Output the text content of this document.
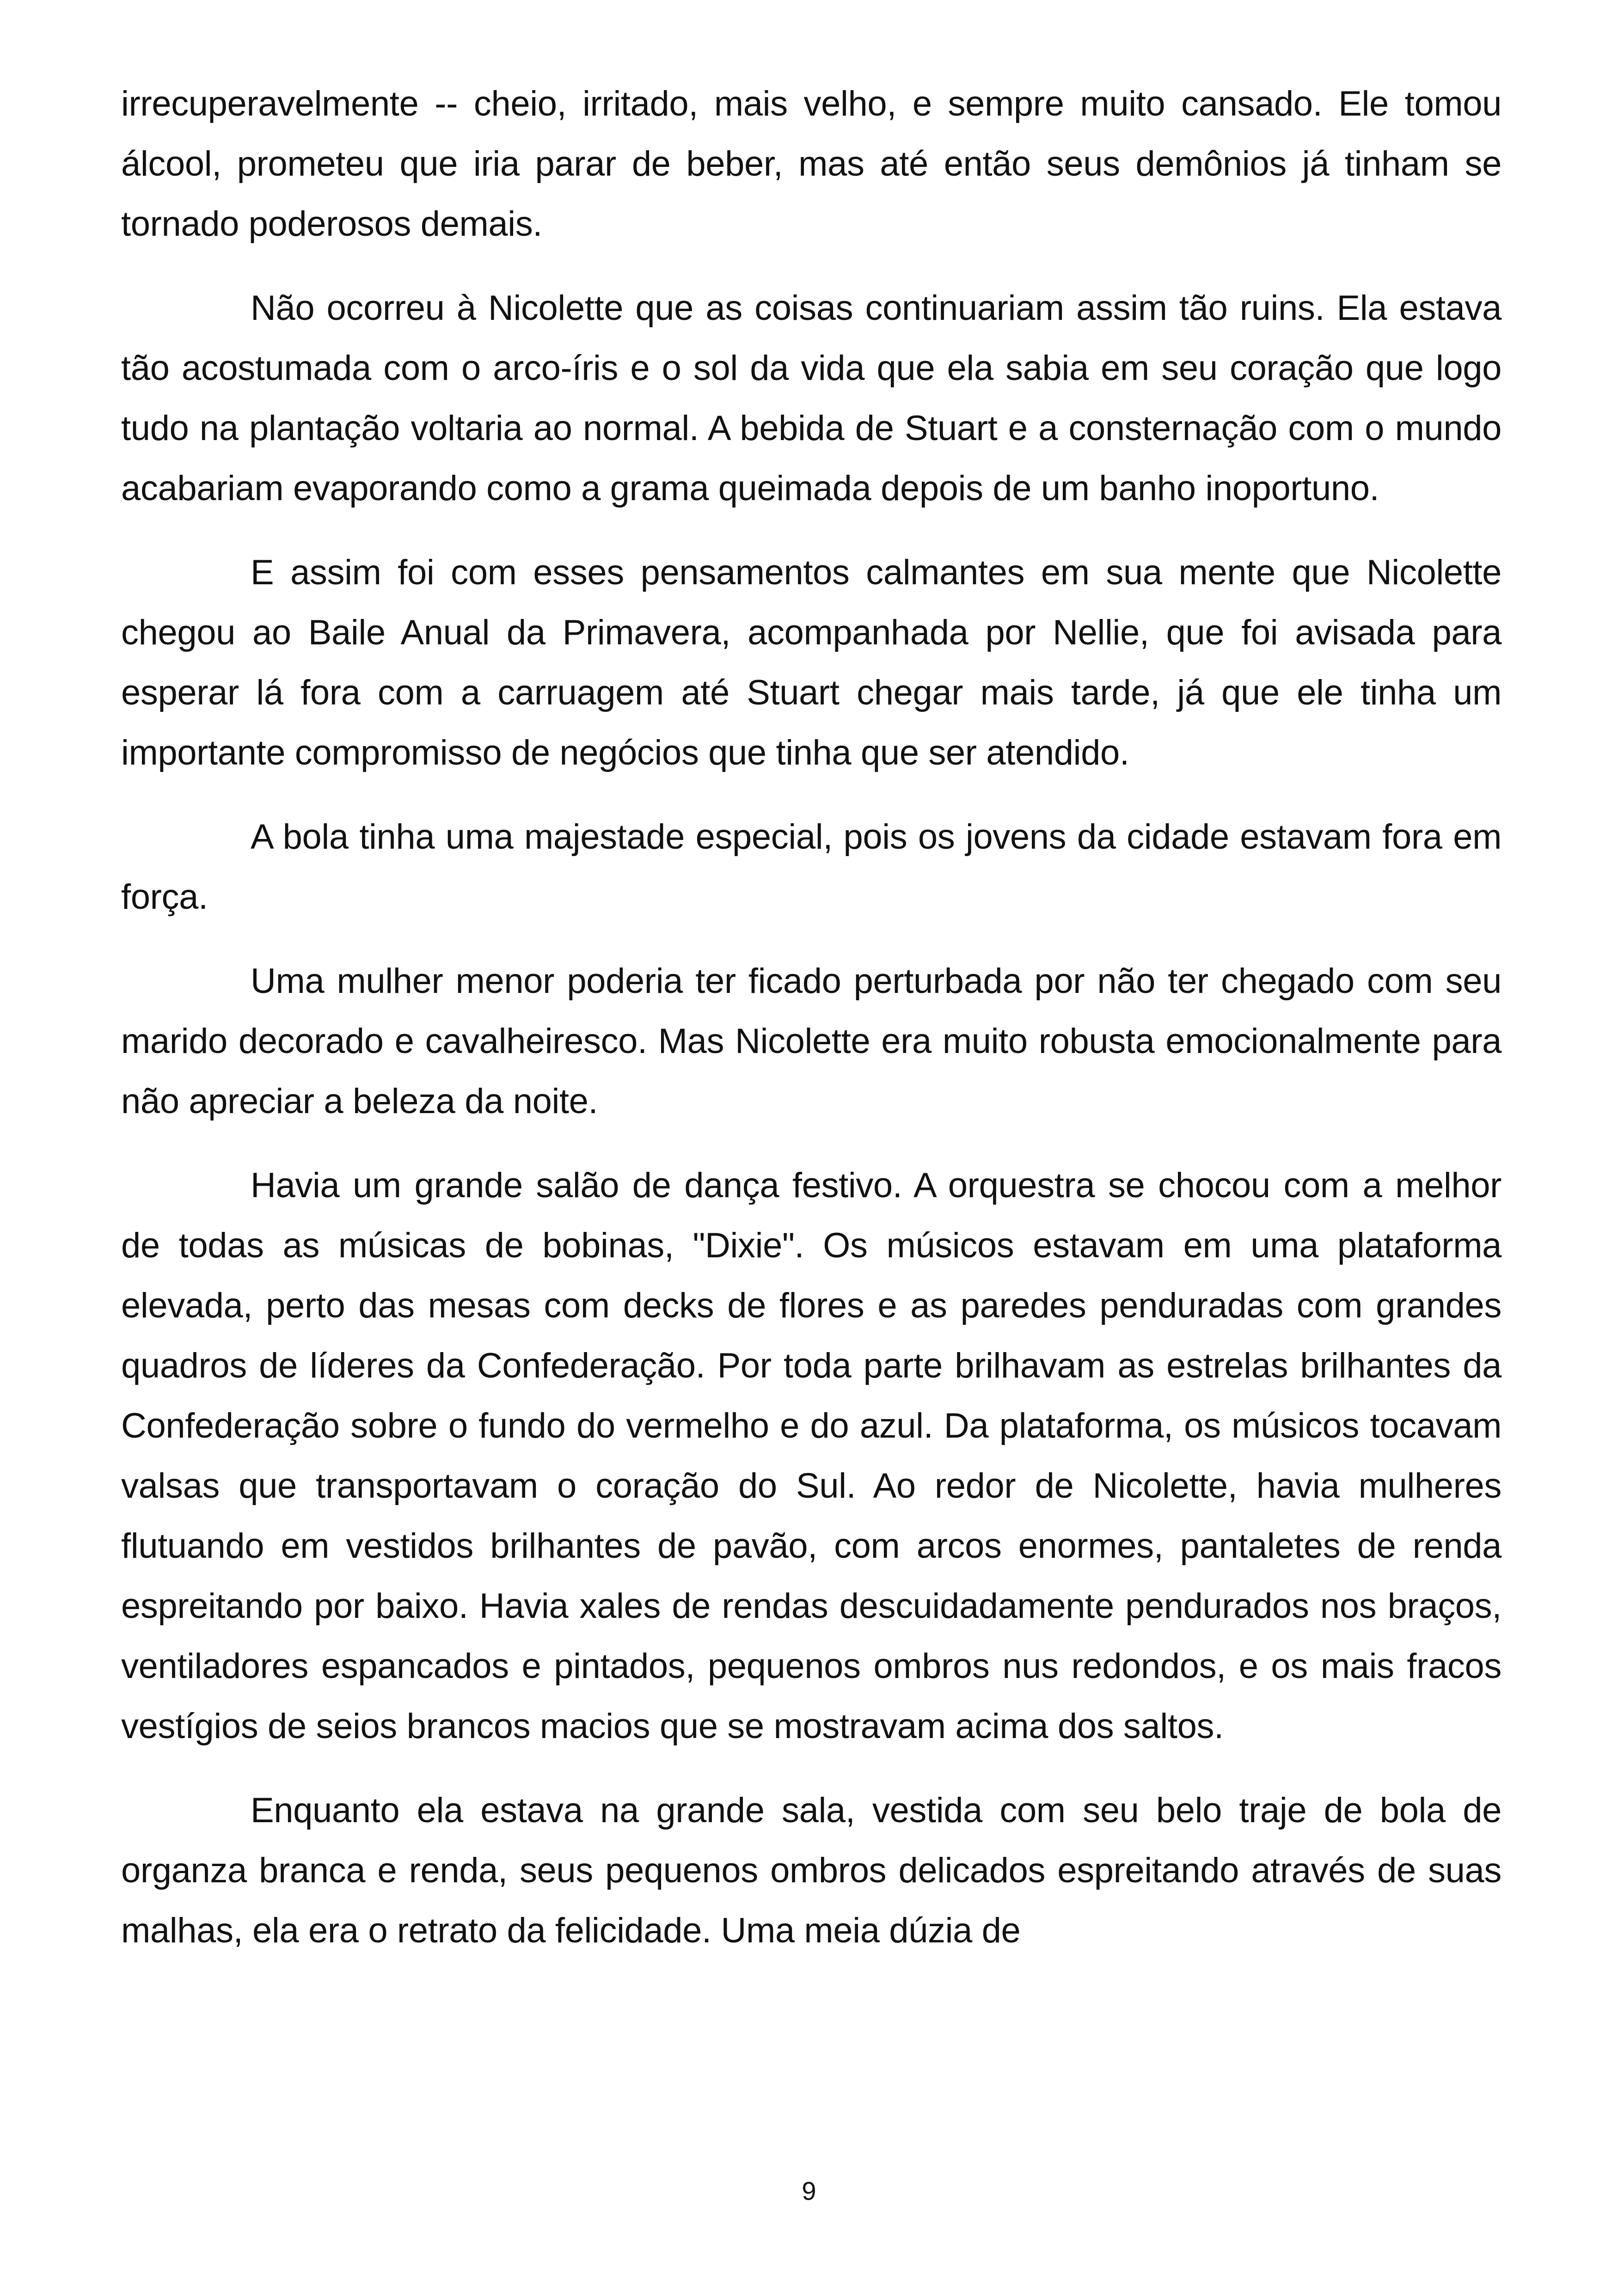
irrecuperavelmente -- cheio, irritado, mais velho, e sempre muito cansado. Ele tomou álcool, prometeu que iria parar de beber, mas até então seus demônios já tinham se tornado poderosos demais.

Não ocorreu à Nicolette que as coisas continuariam assim tão ruins. Ela estava tão acostumada com o arco-íris e o sol da vida que ela sabia em seu coração que logo tudo na plantação voltaria ao normal. A bebida de Stuart e a consternação com o mundo acabariam evaporando como a grama queimada depois de um banho inoportuno.

E assim foi com esses pensamentos calmantes em sua mente que Nicolette chegou ao Baile Anual da Primavera, acompanhada por Nellie, que foi avisada para esperar lá fora com a carruagem até Stuart chegar mais tarde, já que ele tinha um importante compromisso de negócios que tinha que ser atendido.

A bola tinha uma majestade especial, pois os jovens da cidade estavam fora em força.

Uma mulher menor poderia ter ficado perturbada por não ter chegado com seu marido decorado e cavalheiresco. Mas Nicolette era muito robusta emocionalmente para não apreciar a beleza da noite.

Havia um grande salão de dança festivo. A orquestra se chocou com a melhor de todas as músicas de bobinas, "Dixie". Os músicos estavam em uma plataforma elevada, perto das mesas com decks de flores e as paredes penduradas com grandes quadros de líderes da Confederação. Por toda parte brilhavam as estrelas brilhantes da Confederação sobre o fundo do vermelho e do azul. Da plataforma, os músicos tocavam valsas que transportavam o coração do Sul. Ao redor de Nicolette, havia mulheres flutuando em vestidos brilhantes de pavão, com arcos enormes, pantaletes de renda espreitando por baixo. Havia xales de rendas descuidadamente pendurados nos braços, ventiladores espancados e pintados, pequenos ombros nus redondos, e os mais fracos vestígios de seios brancos macios que se mostravam acima dos saltos.

Enquanto ela estava na grande sala, vestida com seu belo traje de bola de organza branca e renda, seus pequenos ombros delicados espreitando através de suas malhas, ela era o retrato da felicidade. Uma meia dúzia de

9
